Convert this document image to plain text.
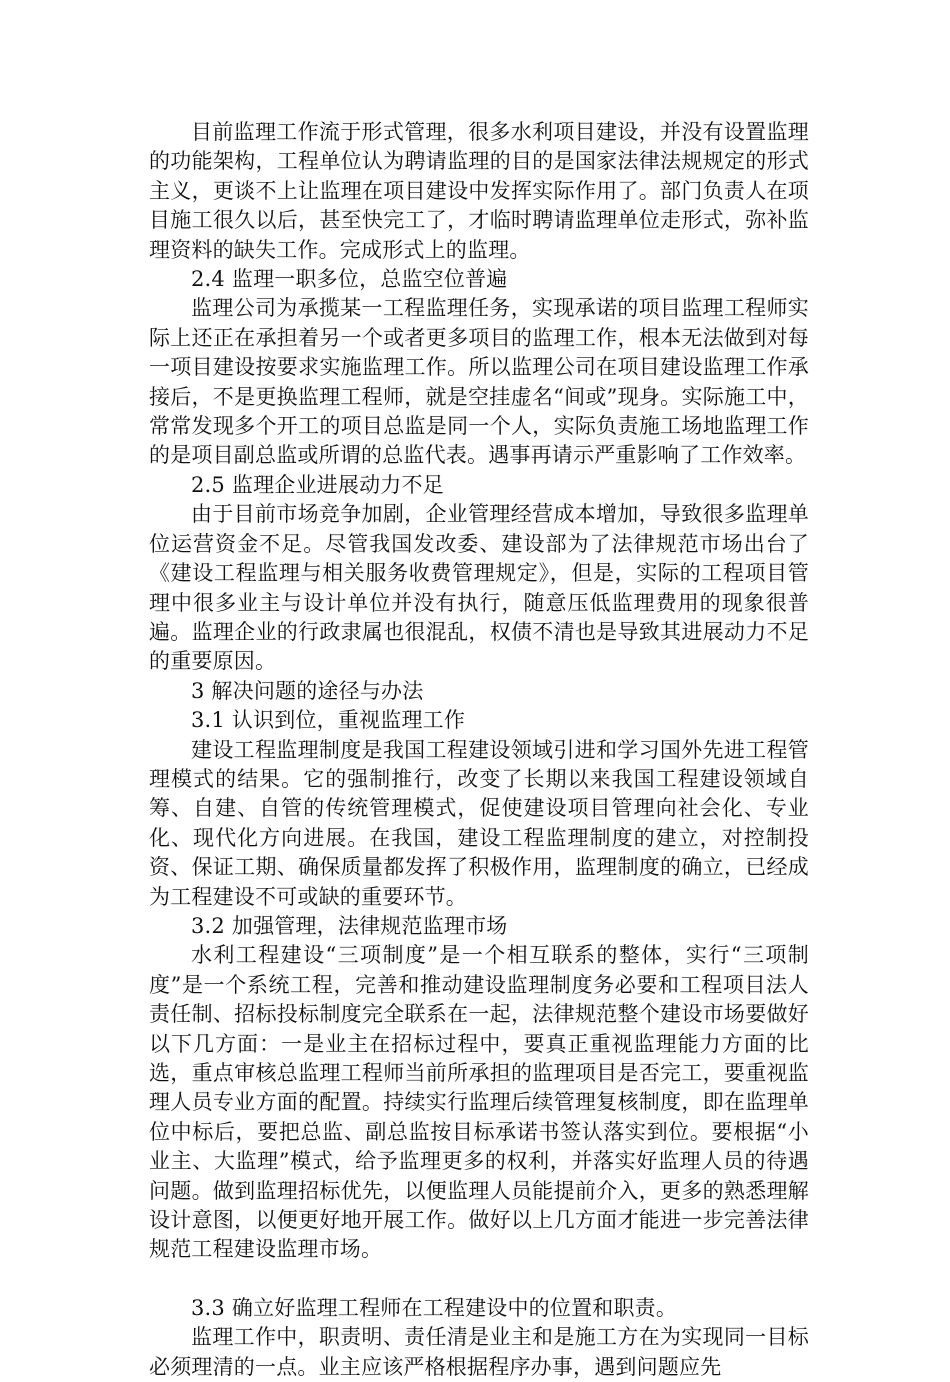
目前监理工作流于形式管理，很多水利项目建设，并没有设置监理的功能架构，工程单位认为聘请监理的目的是国家法律法规规定的形式主义，更谈不上让监理在项目建设中发挥实际作用了。部门负责人在项目施工很久以后，甚至快完工了，才临时聘请监理单位走形式，弥补监理资料的缺失工作。完成形式上的监理。

2.4 监理一职多位，总监空位普遍

监理公司为承揽某一工程监理任务，实现承诺的项目监理工程师实际上还正在承担着另一个或者更多项目的监理工作，根本无法做到对每一项目建设按要求实施监理工作。所以监理公司在项目建设监理工作承接后，不是更换监理工程师，就是空挂虚名“间或”现身。实际施工中，常常发现多个开工的项目总监是同一个人，实际负责施工场地监理工作的是项目副总监或所谓的总监代表。遇事再请示严重影响了工作效率。

2.5 监理企业进展动力不足

由于目前市场竞争加剧，企业管理经营成本增加，导致很多监理单位运营资金不足。尽管我国发改委、建设部为了法律规范市场出台了《建设工程监理与相关服务收费管理规定》，但是，实际的工程项目管理中很多业主与设计单位并没有执行，随意压低监理费用的现象很普遍。监理企业的行政隶属也很混乱，权债不清也是导致其进展动力不足的重要原因。

3 解决问题的途径与办法

3.1 认识到位，重视监理工作

建设工程监理制度是我国工程建设领域引进和学习国外先进工程管理模式的结果。它的强制推行，改变了长期以来我国工程建设领域自筹、自建、自管的传统管理模式，促使建设项目管理向社会化、专业化、现代化方向进展。在我国，建设工程监理制度的建立，对控制投资、保证工期、确保质量都发挥了积极作用，监理制度的确立，已经成为工程建设不可或缺的重要环节。

3.2 加强管理，法律规范监理市场

水利工程建设“三项制度”是一个相互联系的整体，实行“三项制度”是一个系统工程，完善和推动建设监理制度务必要和工程项目法人责任制、招标投标制度完全联系在一起，法律规范整个建设市场要做好以下几方面：一是业主在招标过程中，要真正重视监理能力方面的比选，重点审核总监理工程师当前所承担的监理项目是否完工，要重视监理人员专业方面的配置。持续实行监理后续管理复核制度，即在监理单位中标后，要把总监、副总监按目标承诺书签认落实到位。要根据“小业主、大监理”模式，给予监理更多的权利，并落实好监理人员的待遇问题。做到监理招标优先，以便监理人员能提前介入，更多的熟悉理解设计意图，以便更好地开展工作。做好以上几方面才能进一步完善法律规范工程建设监理市场。

3.3 确立好监理工程师在工程建设中的位置和职责。

监理工作中，职责明、责任清是业主和是施工方在为实现同一目标必须理清的一点。业主应该严格根据程序办事，遇到问题应先
